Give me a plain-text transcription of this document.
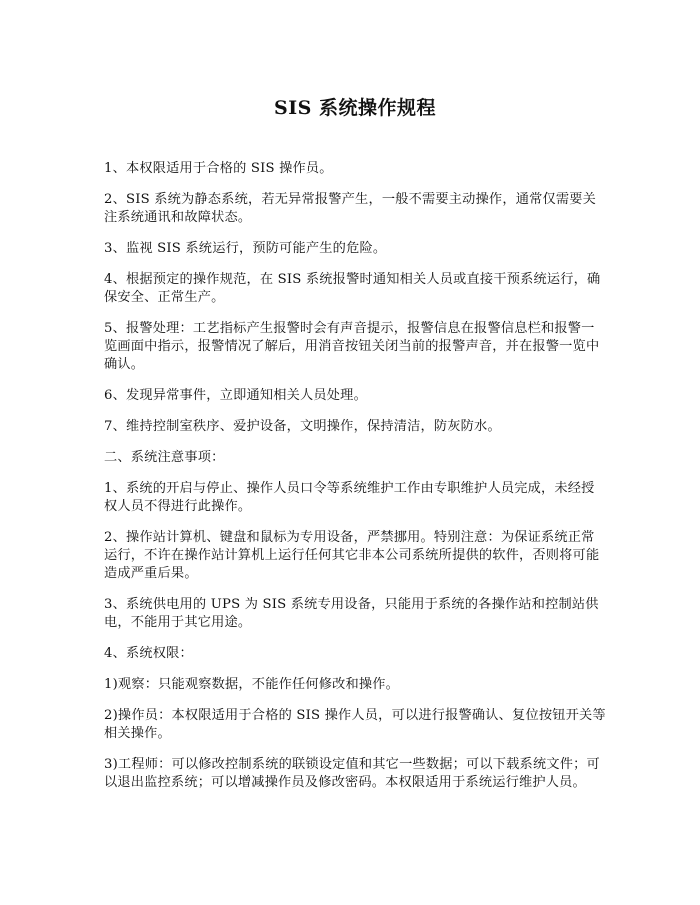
SIS 系统操作规程
1、本权限适用于合格的 SIS 操作员。
2、SIS 系统为静态系统，若无异常报警产生，一般不需要主动操作，通常仅需要关注系统通讯和故障状态。
3、监视 SIS 系统运行，预防可能产生的危险。
4、根据预定的操作规范，在 SIS 系统报警时通知相关人员或直接干预系统运行，确保安全、正常生产。
5、报警处理：工艺指标产生报警时会有声音提示，报警信息在报警信息栏和报警一览画面中指示，报警情况了解后，用消音按钮关闭当前的报警声音，并在报警一览中确认。
6、发现异常事件，立即通知相关人员处理。
7、维持控制室秩序、爱护设备，文明操作，保持清洁，防灰防水。
二、系统注意事项：
1、系统的开启与停止、操作人员口令等系统维护工作由专职维护人员完成，未经授权人员不得进行此操作。
2、操作站计算机、键盘和鼠标为专用设备，严禁挪用。特别注意：为保证系统正常运行，不许在操作站计算机上运行任何其它非本公司系统所提供的软件，否则将可能造成严重后果。
3、系统供电用的 UPS 为 SIS 系统专用设备，只能用于系统的各操作站和控制站供电，不能用于其它用途。
4、系统权限：
1)观察：只能观察数据，不能作任何修改和操作。
2)操作员：本权限适用于合格的 SIS 操作人员，可以进行报警确认、复位按钮开关等相关操作。
3)工程师：可以修改控制系统的联锁设定值和其它一些数据；可以下载系统文件；可以退出监控系统；可以增减操作员及修改密码。本权限适用于系统运行维护人员。
